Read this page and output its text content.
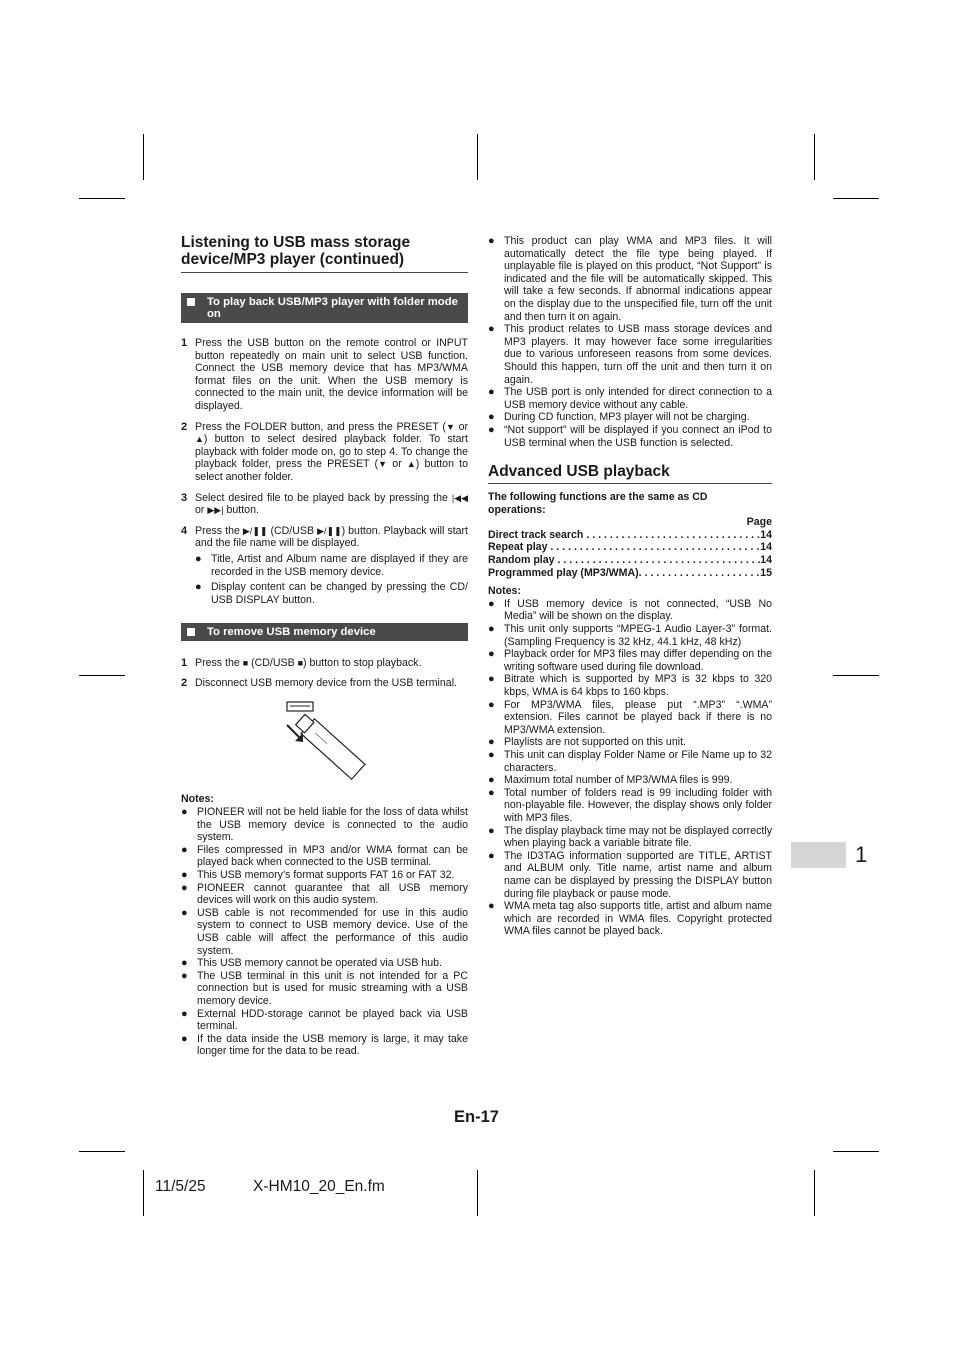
Listening to USB mass storage device/MP3 player (continued)
To play back USB/MP3 player with folder mode on
1 Press the USB button on the remote control or INPUT button repeatedly on main unit to select USB function. Connect the USB memory device that has MP3/WMA format files on the unit. When the USB memory is connected to the main unit, the device information will be displayed.
2 Press the FOLDER button, and press the PRESET (▼ or ▲) button to select desired playback folder. To start playback with folder mode on, go to step 4. To change the playback folder, press the PRESET (▼ or ▲) button to select another folder.
3 Select desired file to be played back by pressing the |◀◀ or ▶▶| button.
4 Press the ▶/❚❚ (CD/USB ▶/❚❚) button. Playback will start and the file name will be displayed.
● Title, Artist and Album name are displayed if they are recorded in the USB memory device.
● Display content can be changed by pressing the CD/ USB DISPLAY button.
To remove USB memory device
1 Press the ■ (CD/USB ■) button to stop playback.
2 Disconnect USB memory device from the USB terminal.
Notes:
● PIONEER will not be held liable for the loss of data whilst the USB memory device is connected to the audio system.
● Files compressed in MP3 and/or WMA format can be played back when connected to the USB terminal.
● This USB memory’s format supports FAT 16 or FAT 32.
● PIONEER cannot guarantee that all USB memory devices will work on this audio system.
● USB cable is not recommended for use in this audio system to connect to USB memory device. Use of the USB cable will affect the performance of this audio system.
● This USB memory cannot be operated via USB hub.
● The USB terminal in this unit is not intended for a PC connection but is used for music streaming with a USB memory device.
● External HDD-storage cannot be played back via USB terminal.
● If the data inside the USB memory is large, it may take longer time for the data to be read.
● This product can play WMA and MP3 files. It will automatically detect the file type being played. If unplayable file is played on this product, “Not Support” is indicated and the file will be automatically skipped. This will take a few seconds. If abnormal indications appear on the display due to the unspecified file, turn off the unit and then turn it on again.
● This product relates to USB mass storage devices and MP3 players. It may however face some irregularities due to various unforeseen reasons from some devices. Should this happen, turn off the unit and then turn it on again.
● The USB port is only intended for direct connection to a USB memory device without any cable.
● During CD function, MP3 player will not be charging.
● “Not support” will be displayed if you connect an iPod to USB terminal when the USB function is selected.
Advanced USB playback
The following functions are the same as CD operations:
Page
Direct track search . . .	14
Repeat play . . .	14
Random play . . .	14
Programmed play (MP3/WMA). . . .	15
Notes:
● If USB memory device is not connected, “USB No Media” will be shown on the display.
● This unit only supports “MPEG-1 Audio Layer-3” format. (Sampling Frequency is 32 kHz, 44.1 kHz, 48 kHz)
● Playback order for MP3 files may differ depending on the writing software used during file download.
● Bitrate which is supported by MP3 is 32 kbps to 320 kbps, WMA is 64 kbps to 160 kbps.
● For MP3/WMA files, please put “.MP3” “.WMA” extension. Files cannot be played back if there is no MP3/WMA extension.
● Playlists are not supported on this unit.
● This unit can display Folder Name or File Name up to 32 characters.
● Maximum total number of MP3/WMA files is 999.
● Total number of folders read is 99 including folder with non-playable file. However, the display shows only folder with MP3 files.
● The display playback time may not be displayed correctly when playing back a variable bitrate file.
● The ID3TAG information supported are TITLE, ARTIST and ALBUM only. Title name, artist name and album name can be displayed by pressing the DISPLAY button during file playback or pause mode.
● WMA meta tag also supports title, artist and album name which are recorded in WMA files. Copyright protected WMA files cannot be played back.
1
En-17
11/5/25	X-HM10_20_En.fm
